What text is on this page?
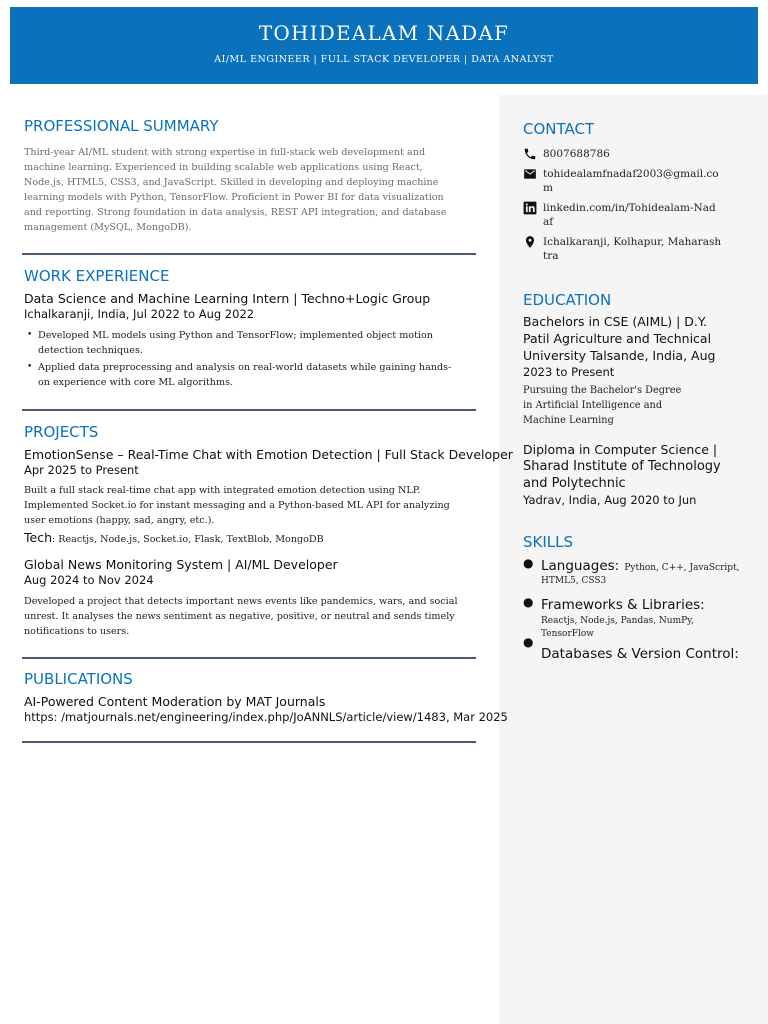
TOHIDEALAM NADAF
AI/ML ENGINEER | FULL STACK DEVELOPER | DATA ANALYST
PROFESSIONAL SUMMARY
Third-year AI/ML student with strong expertise in full-stack web development and
machine learning. Experienced in building scalable web applications using React,
Node.js, HTML5, CSS3, and JavaScript. Skilled in developing and deploying machine
learning models with Python, TensorFlow. Proficient in Power BI for data visualization
and reporting. Strong foundation in data analysis, REST API integration, and database
management (MySQL, MongoDB).
WORK EXPERIENCE
Data Science and Machine Learning Intern | Techno+Logic Group
Ichalkaranji, India, Jul 2022 to Aug 2022
• Developed ML models using Python and TensorFlow; implemented object motion
detection techniques.
• Applied data preprocessing and analysis on real-world datasets while gaining hands-
on experience with core ML algorithms.
PROJECTS
EmotionSense – Real-Time Chat with Emotion Detection | Full Stack Developer
Apr 2025 to Present
Built a full stack real-time chat app with integrated emotion detection using NLP.
Implemented Socket.io for instant messaging and a Python-based ML API for analyzing
user emotions (happy, sad, angry, etc.).
Tech: Reactjs, Node.js, Socket.io, Flask, TextBlob, MongoDB
Global News Monitoring System | AI/ML Developer
Aug 2024 to Nov 2024
Developed a project that detects important news events like pandemics, wars, and social
unrest. It analyses the news sentiment as negative, positive, or neutral and sends timely
notifications to users.
PUBLICATIONS
AI-Powered Content Moderation by MAT Journals
https: /matjournals.net/engineering/index.php/JoANNLS/article/view/1483, Mar 2025
CONTACT
8007688786
tohidealamfnadaf2003@gmail.co
m
linkedin.com/in/Tohidealam-Nad
af
Ichalkaranji, Kolhapur, Maharash
tra
EDUCATION
Bachelors in CSE (AIML) | D.Y.
Patil Agriculture and Technical
University Talsande, India, Aug
2023 to Present
Pursuing the Bachelor's Degree
in Artificial Intelligence and
Machine Learning
Diploma in Computer Science |
Sharad Institute of Technology
and Polytechnic
Yadrav, India, Aug 2020 to Jun
SKILLS
● Languages: Python, C++, JavaScript,
HTML5, CSS3
● Frameworks & Libraries:
Reactjs, Node.js, Pandas, NumPy,
TensorFlow
●
Databases & Version Control:
